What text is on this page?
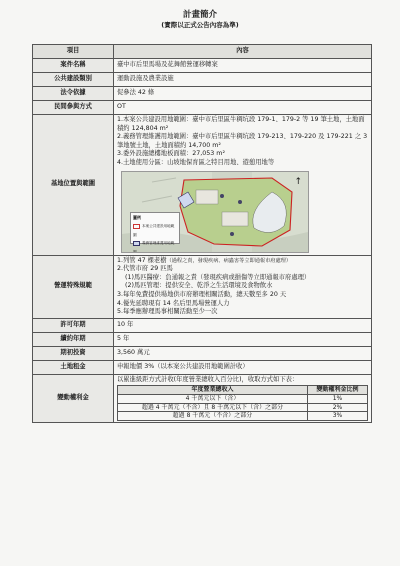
計畫簡介
(實際以正式公告內容為準)
項目	內容
案件名稱	臺中市后里馬場及花舞館營運移轉案
公共建設類別	運動設施及農業設施
法令依據	促參法 42 條
民間參與方式	OT
基地位置與範圍	

1.本案公共建設用地範圍：臺中市后里區牛稠坑段 179-1、179-2 等 19 筆土地，土地面積約 124,804 m²

2.義務管理維護用地範圍：臺中市后里區牛稠坑段 179-213、179-220 及 179-221 之 3 筆地號土地，土地面積約 14,700 m²

3.委外設施總樓地板面積：27,053 m²

4.土地使用分區：山坡地保育區之特目用地、遊憩用地等

↑
圖例
本案公共建設用地範圍
義務管理維護用地範圍

營運特殊規範	

1.列管 47 棵老樹（過程之責，發現疾病、病蟲害等立即通報市府處理）

2.代管市府 29 匹馬

(1)馬匹醫療：負通報之責（發現疾病或損傷等立即通報市府處理）

(2)馬匹管理：提供安全、乾淨之生活環境及食物飲水

3.每年免費提供場地供市府辦理相關活動，總天數至多 20 天

4.優先延聘現有 14 名后里馬場營運人力

5.每季應辦理馬事相關活動至少一次

許可年期	10 年
續約年期	5 年
期初投資	3,560 萬元
土地租金	申報地價 3%（以本案公共建設用地範圍計收）
變動權利金	

以累進級距方式計收(年度營業總收入百分比)，收取方式如下表：

年度營業總收入	變動權利金比例
4 千萬元以下（含）	1%
超過 4 千萬元（不含）且 8 千萬元以下（含）之部分	2%
超過 8 千萬元（不含）之部分	3%
